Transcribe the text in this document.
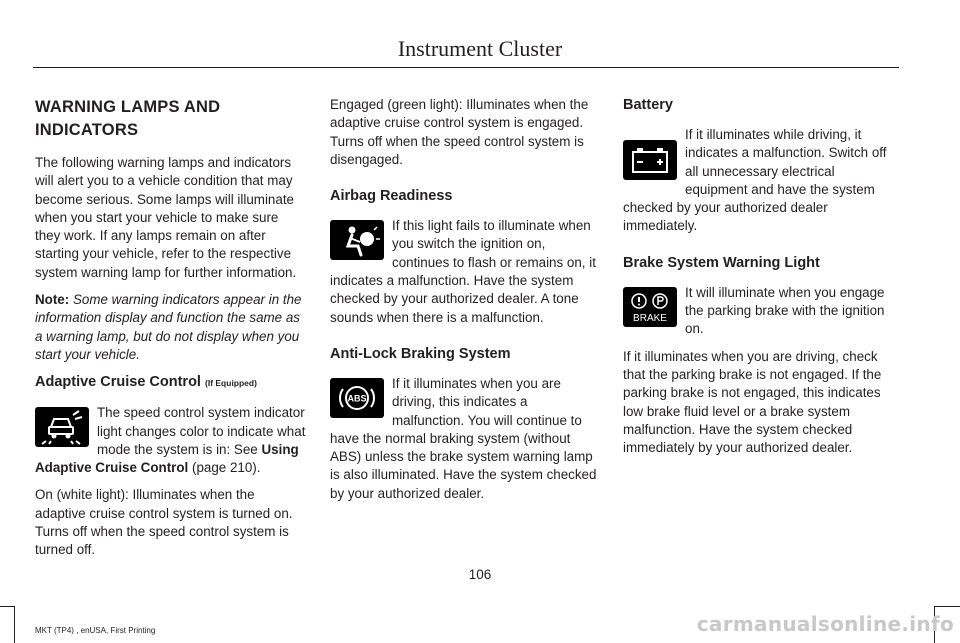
Instrument Cluster
WARNING LAMPS AND INDICATORS

The following warning lamps and indicators will alert you to a vehicle condition that may become serious. Some lamps will illuminate when you start your vehicle to make sure they work. If any lamps remain on after starting your vehicle, refer to the respective system warning lamp for further information.

Note: Some warning indicators appear in the information display and function the same as a warning lamp, but do not display when you start your vehicle.

Adaptive Cruise Control (If Equipped)
The speed control system indicator light changes color to indicate what mode the system is in: See Using Adaptive Cruise Control (page 210).

On (white light): Illuminates when the adaptive cruise control system is turned on. Turns off when the speed control system is turned off.

Engaged (green light): Illuminates when the adaptive cruise control system is engaged. Turns off when the speed control system is disengaged.

Airbag Readiness
If this light fails to illuminate when you switch the ignition on, continues to flash or remains on, it indicates a malfunction. Have the system checked by your authorized dealer. A tone sounds when there is a malfunction.
Anti-Lock Braking System
ABS
If it illuminates when you are driving, this indicates a malfunction. You will continue to have the normal braking system (without ABS) unless the brake system warning lamp is also illuminated. Have the system checked by your authorized dealer.
Battery
If it illuminates while driving, it indicates a malfunction. Switch off all unnecessary electrical equipment and have the system checked by your authorized dealer immediately.
Brake System Warning Light
BRAKE
It will illuminate when you engage the parking brake with the ignition on.

If it illuminates when you are driving, check that the parking brake is not engaged. If the parking brake is not engaged, this indicates low brake fluid level or a brake system malfunction. Have the system checked immediately by your authorized dealer.

106
MKT (TP4) , enUSA, First Printing	carmanualsonline.info
